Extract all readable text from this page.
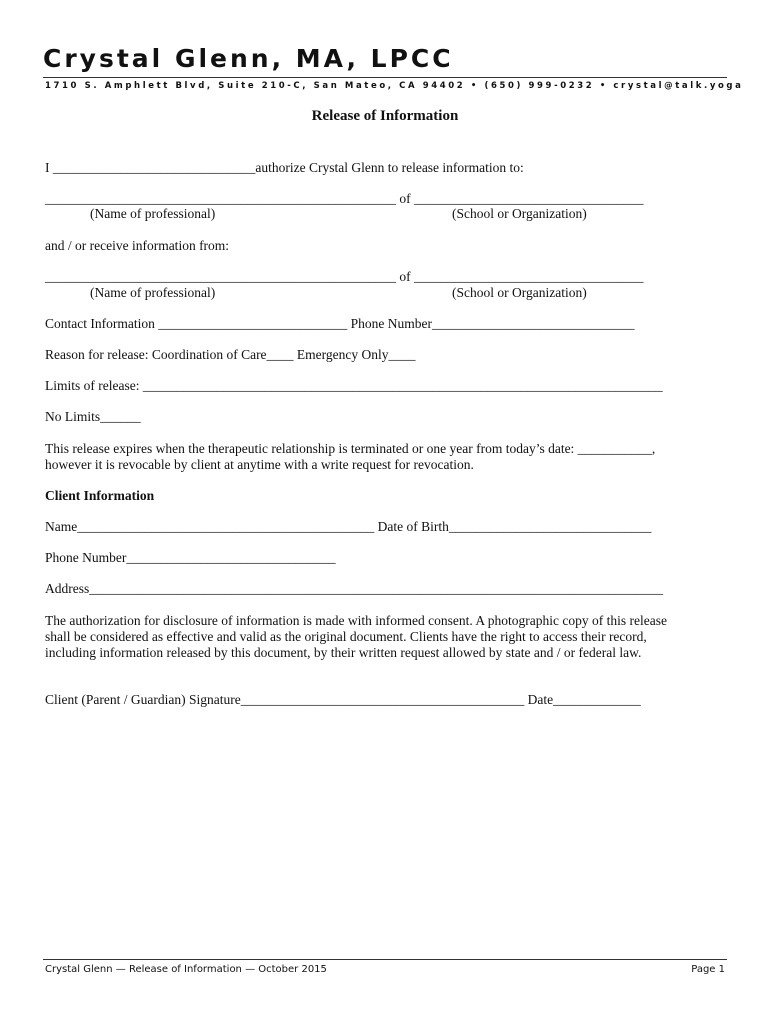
Crystal Glenn, MA, LPCC
1710 S. Amphlett Blvd, Suite 210-C, San Mateo, CA 94402 • (650) 999-0232 • crystal@talk.yoga
Release of Information
I ______________________________authorize Crystal Glenn to release information to:
____________________________________________________ of __________________________________
(Name of professional)	(School or Organization)
and / or receive information from:
____________________________________________________ of __________________________________
(Name of professional)	(School or Organization)
Contact Information ____________________________ Phone Number______________________________
Reason for release: Coordination of Care____ Emergency Only____
Limits of release: _____________________________________________________________________________
No Limits______
This release expires when the therapeutic relationship is terminated or one year from today’s date: ___________, however it is revocable by client at anytime with a write request for revocation.
Client Information
Name____________________________________________ Date of Birth______________________________
Phone Number_______________________________
Address_____________________________________________________________________________________
The authorization for disclosure of information is made with informed consent. A photographic copy of this release shall be considered as effective and valid as the original document. Clients have the right to access their record, including information released by this document, by their written request allowed by state and / or federal law.
Client (Parent / Guardian) Signature__________________________________________ Date_____________
Crystal Glenn — Release of Information — October 2015	Page 1
